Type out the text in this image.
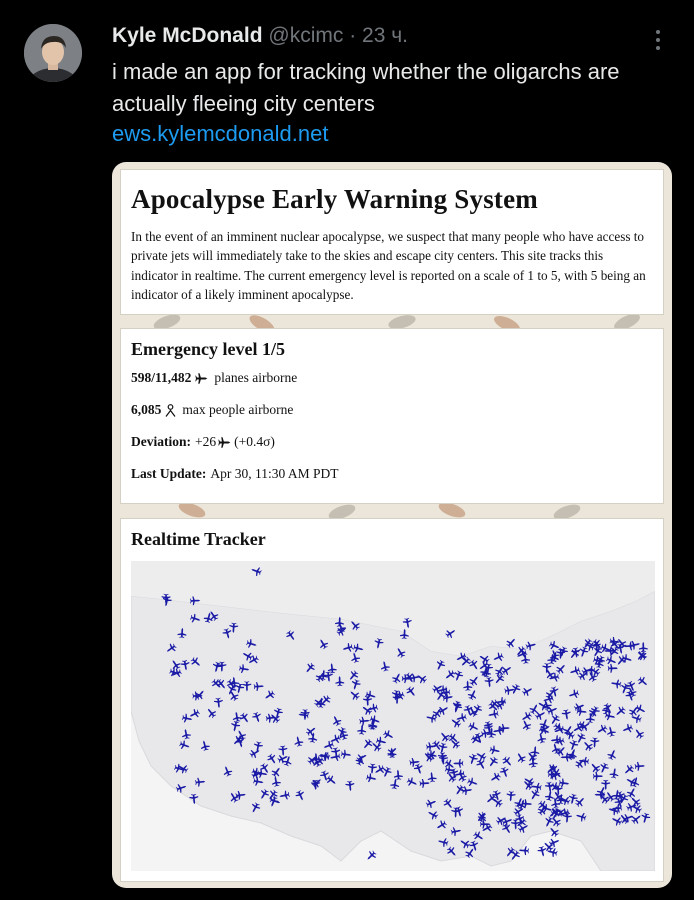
Kyle McDonald @kcimc · 23 ч.
i made an app for tracking whether the oligarchs are actually fleeing city centers
ews.kylemcdonald.net
Apocalypse Early Warning System

In the event of an imminent nuclear apocalypse, we suspect that many people who have access to private jets will immediately take to the skies and escape city centers. This site tracks this indicator in realtime. The current emergency level is reported on a scale of 1 to 5, with 5 being an indicator of a likely imminent apocalypse.

Emergency level 1/5
598/11,482 planes airborne
6,085 max people airborne
Deviation: +26 (+0.4σ)
Last Update: Apr 30, 11:30 AM PDT
Realtime Tracker
